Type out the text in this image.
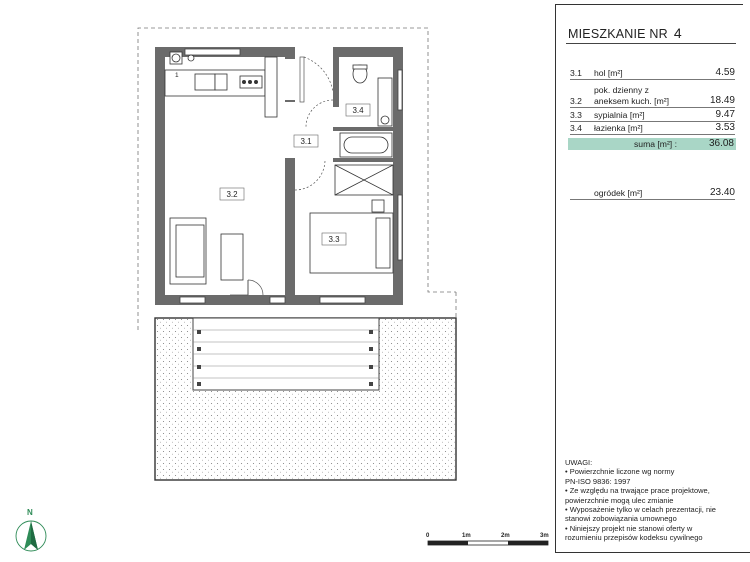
3.1
3.2
3.3
3.4
1
MIESZKANIE NR 4
3.1 hol [m²]	4.59
pok. dzienny z
3.2 aneksem kuch. [m²]	18.49
3.3 sypialnia [m²]	9.47
3.4 łazienka [m²]	3.53
suma [m²] :	36.08
ogródek [m²]	23.40
UWAGI:
• Powierzchnie liczone wg normy
PN-ISO 9836: 1997
• Ze względu na trwające prace projektowe,
powierzchnie mogą ulec zmianie
• Wyposażenie tylko w celach prezentacji, nie
stanowi zobowiązania umownego
• Niniejszy projekt nie stanowi oferty w
rozumieniu przepisów kodeksu cywilnego
0	1m	2m	3m
N
